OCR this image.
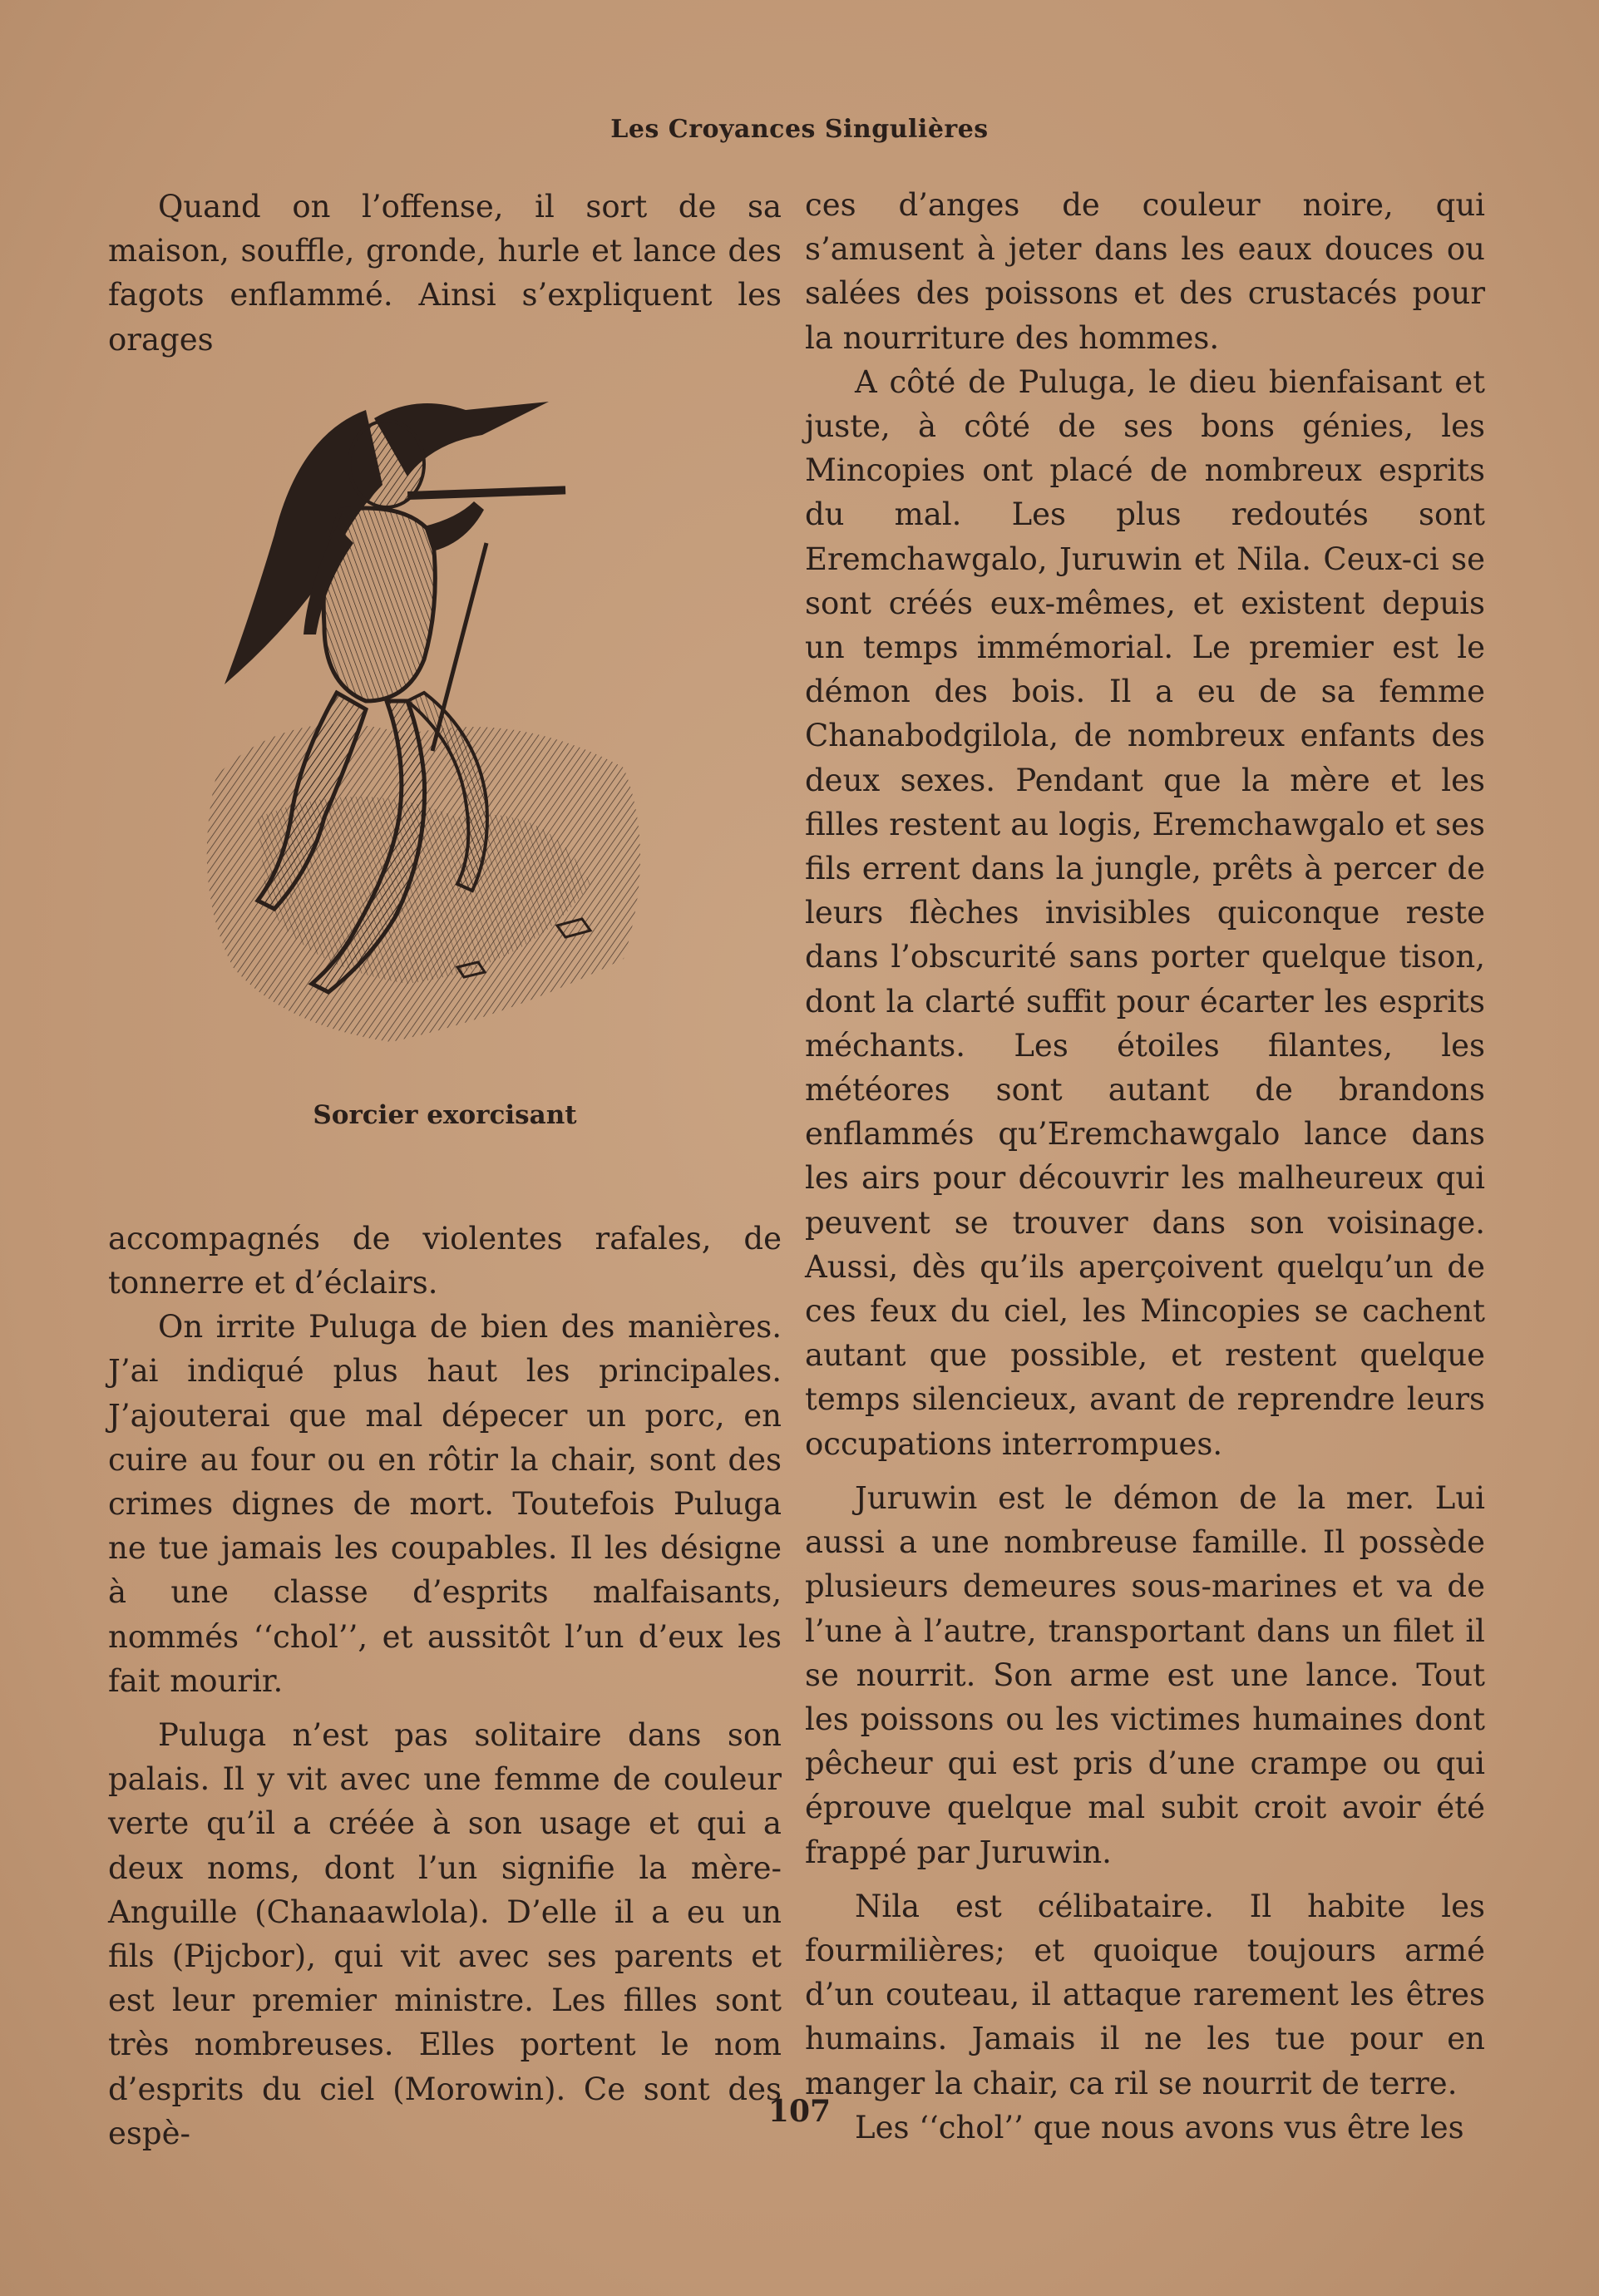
Les Croyances Singulières

Quand on l’offense, il sort de sa maison, souffle, gronde, hurle et lance des fagots enflammé. Ainsi s’expliquent les orages

Sorcier exorcisant

accompagnés de violentes rafales, de tonnerre et d’éclairs.

On irrite Puluga de bien des manières. J’ai indiqué plus haut les principales. J’ajouterai que mal dépecer un porc, en cuire au four ou en rôtir la chair, sont des crimes dignes de mort. Toutefois Puluga ne tue jamais les coupables. Il les désigne à une classe d’esprits malfaisants, nommés ‘‘chol’’, et aussitôt l’un d’eux les fait mourir.

Puluga n’est pas solitaire dans son palais. Il y vit avec une femme de couleur verte qu’il a créée à son usage et qui a deux noms, dont l’un signifie la mère-Anguille (Chanaawlola). D’elle il a eu un fils (Pijcbor), qui vit avec ses parents et est leur premier ministre. Les filles sont très nombreuses. Elles portent le nom d’esprits du ciel (Morowin). Ce sont des espè-

ces d’anges de couleur noire, qui s’amusent à jeter dans les eaux douces ou salées des poissons et des crustacés pour la nourriture des hommes.

A côté de Puluga, le dieu bienfaisant et juste, à côté de ses bons génies, les Mincopies ont placé de nombreux esprits du mal. Les plus redoutés sont Eremchawgalo, Juruwin et Nila. Ceux-ci se sont créés eux-mêmes, et existent depuis un temps immémorial. Le premier est le démon des bois. Il a eu de sa femme Chanabodgilola, de nombreux enfants des deux sexes. Pendant que la mère et les filles restent au logis, Eremchawgalo et ses fils errent dans la jungle, prêts à percer de leurs flèches invisibles quiconque reste dans l’obscurité sans porter quelque tison, dont la clarté suffit pour écarter les esprits méchants. Les étoiles filantes, les météores sont autant de brandons enflammés qu’Eremchawgalo lance dans les airs pour découvrir les malheureux qui peuvent se trouver dans son voisinage. Aussi, dès qu’ils aperçoivent quelqu’un de ces feux du ciel, les Mincopies se cachent autant que possible, et restent quelque temps silencieux, avant de reprendre leurs occupations interrompues.

Juruwin est le démon de la mer. Lui aussi a une nombreuse famille. Il possède plusieurs demeures sous-marines et va de l’une à l’autre, transportant dans un filet il se nourrit. Son arme est une lance. Tout les poissons ou les victimes humaines dont pêcheur qui est pris d’une crampe ou qui éprouve quelque mal subit croit avoir été frappé par Juruwin.

Nila est célibataire. Il habite les fourmilières; et quoique toujours armé d’un couteau, il attaque rarement les êtres humains. Jamais il ne les tue pour en manger la chair, ca ril se nourrit de terre.

Les ‘‘chol’’ que nous avons vus être les

107
